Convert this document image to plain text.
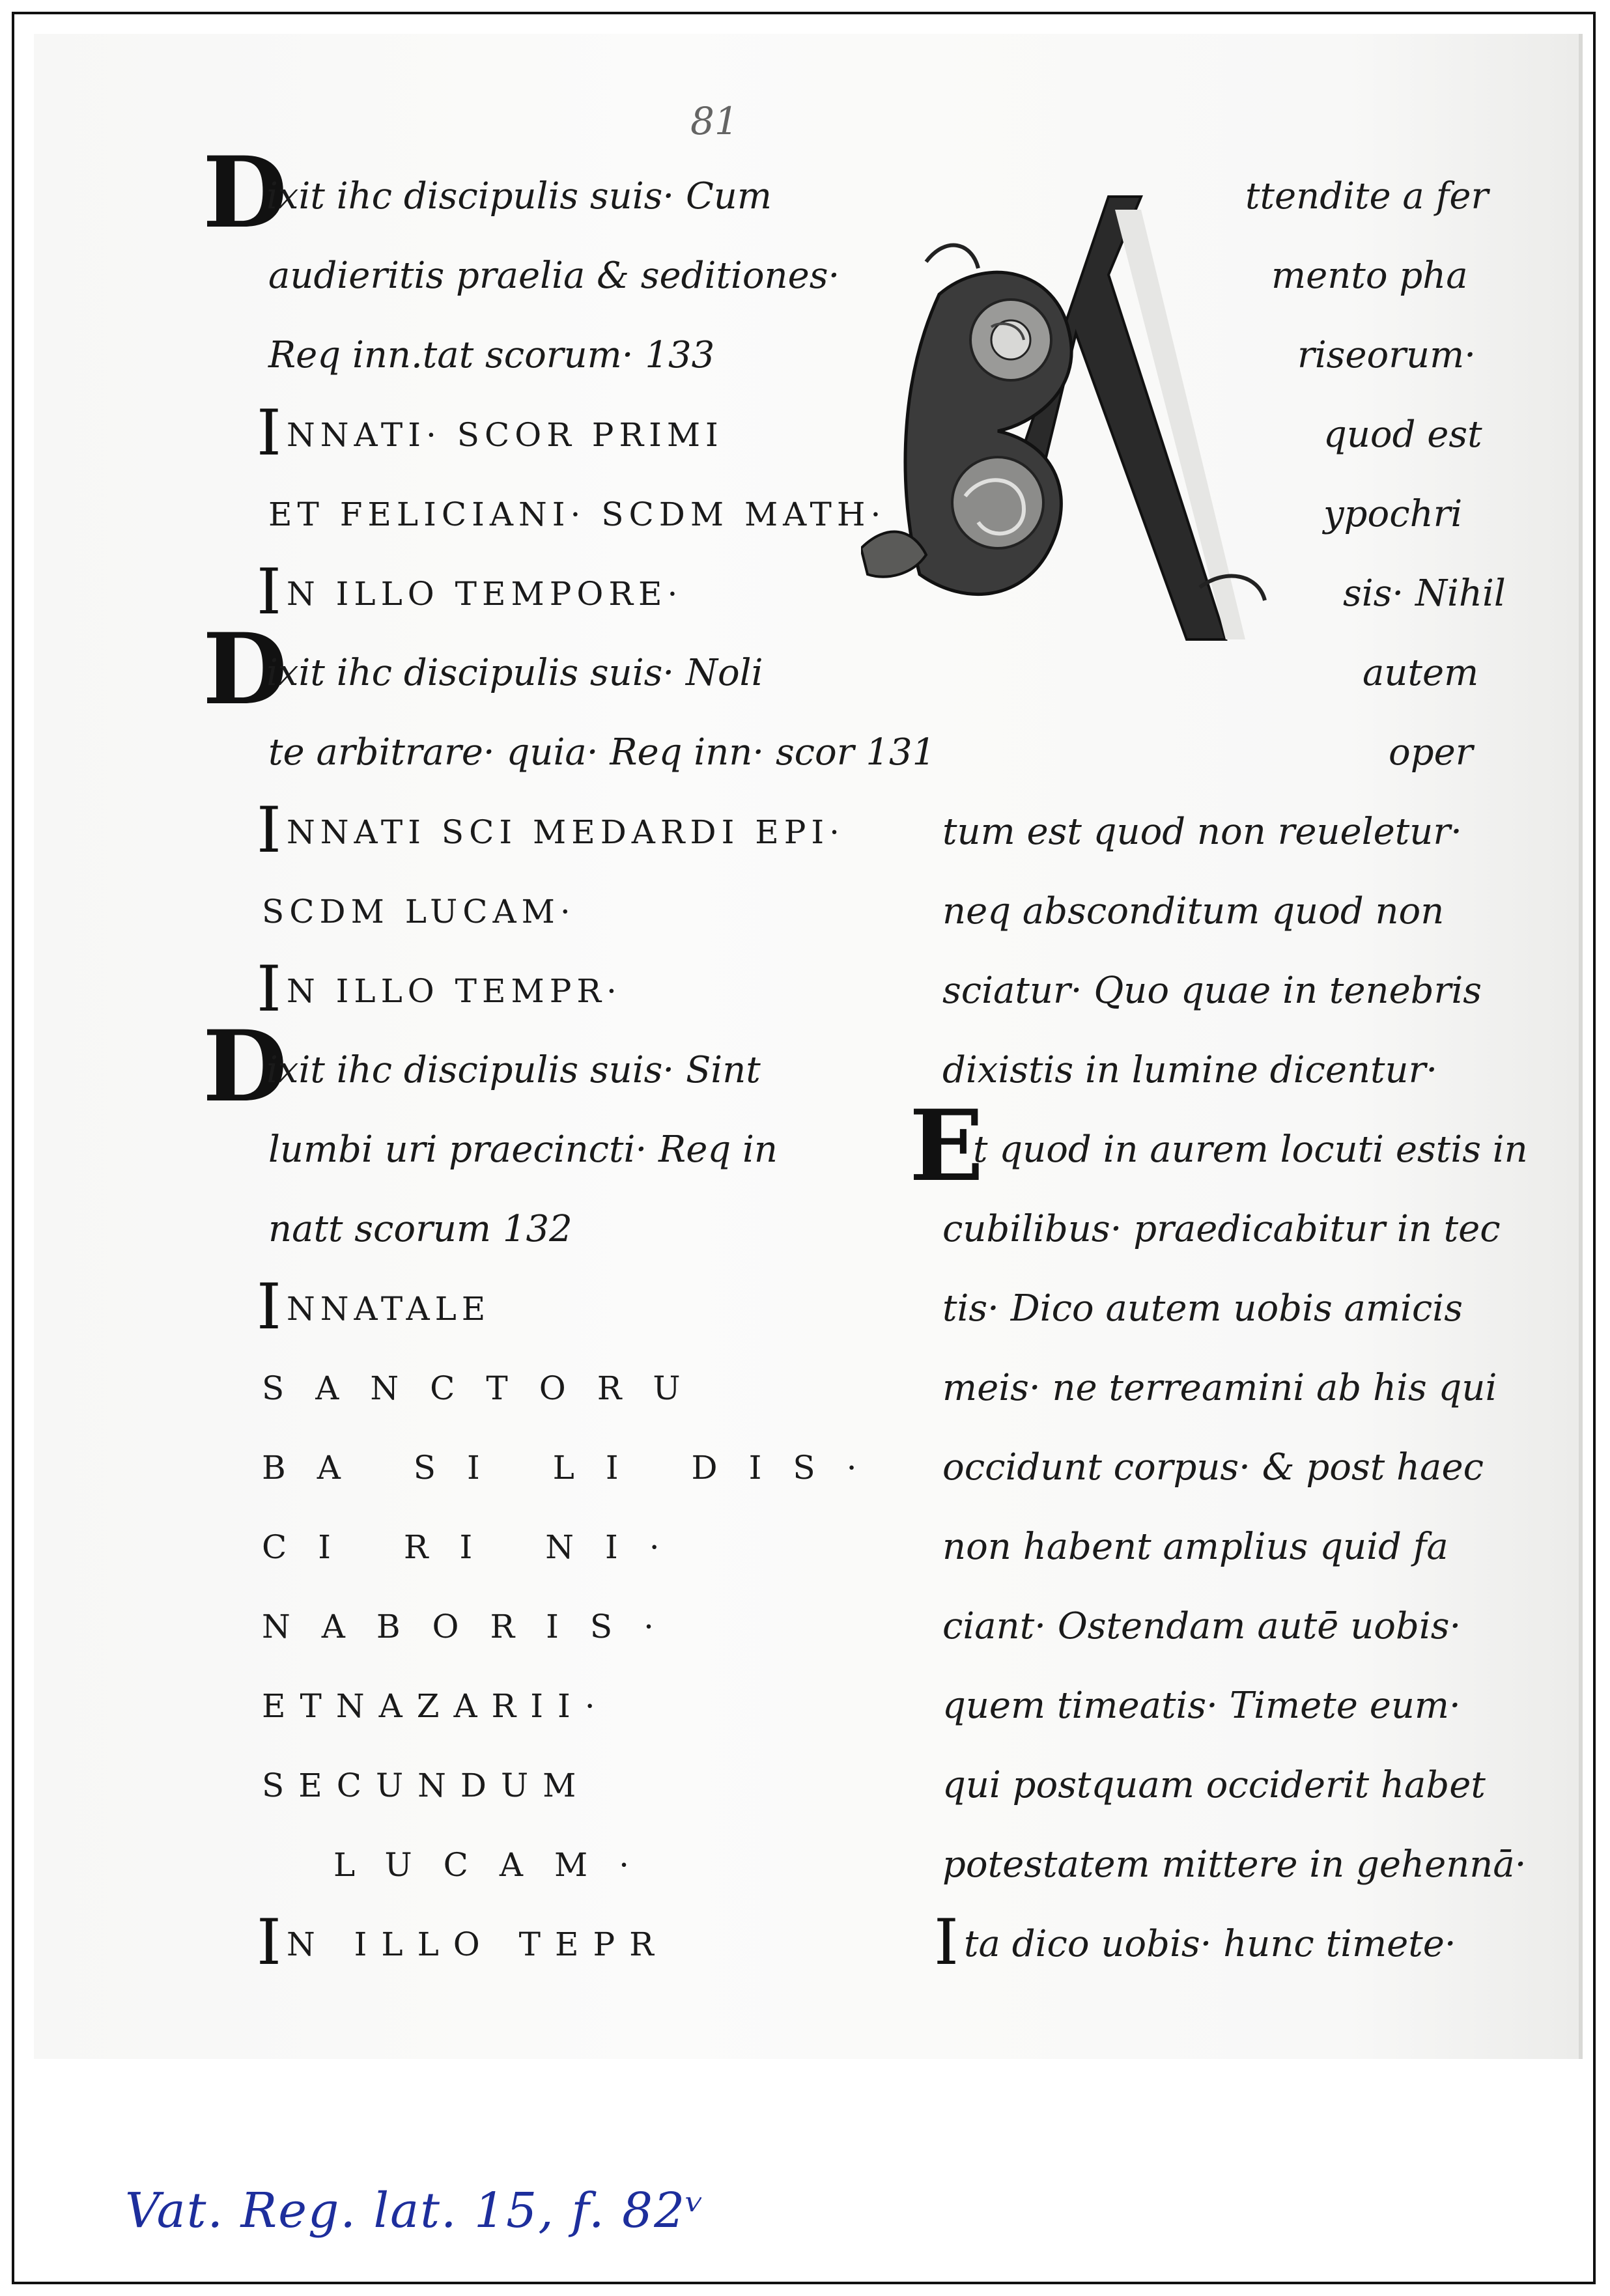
81
D
ixit ihc discipulis suis· Cum
audieritis praelia & seditiones·
Req inn.tat scorum· 133
I NNATI· SCOR PRIMI
ET FELICIANI· SCDM MATH·
I N ILLO TEMPORE·
D
ixit ihc discipulis suis· Noli
te arbitrare· quia· Req inn· scor 131
I NNATI SCI MEDARDI EPI·
SCDM LUCAM·
I N ILLO TEMPR·
D
ixit ihc discipulis suis· Sint
lumbi uri praecincti· Req in
natt scorum 132
I NNATALE
SANCTORU
BA SI LI DIS·
CI RI NI·
NABORIS·
ETNAZARII·
SECUNDUM
LUCAM·
I N ILLO TEPR
ttendite a fer
mento pha
riseorum·
quod est
ypochri
sis· Nihil
autem
oper
tum est quod non reueletur·
neq absconditum quod non
sciatur· Quo quae in tenebris
dixistis in lumine dicentur·
E
t quod in aurem locuti estis in
cubilibus· praedicabitur in tec
tis· Dico autem uobis amicis
meis· ne terreamini ab his qui
occidunt corpus· & post haec
non habent amplius quid fa
ciant· Ostendam autē uobis·
quem timeatis· Timete eum·
qui postquam occiderit habet
potestatem mittere in gehennā·
I ta dico uobis· hunc timete·
Vat. Reg. lat. 15, f. 82ᵛ
